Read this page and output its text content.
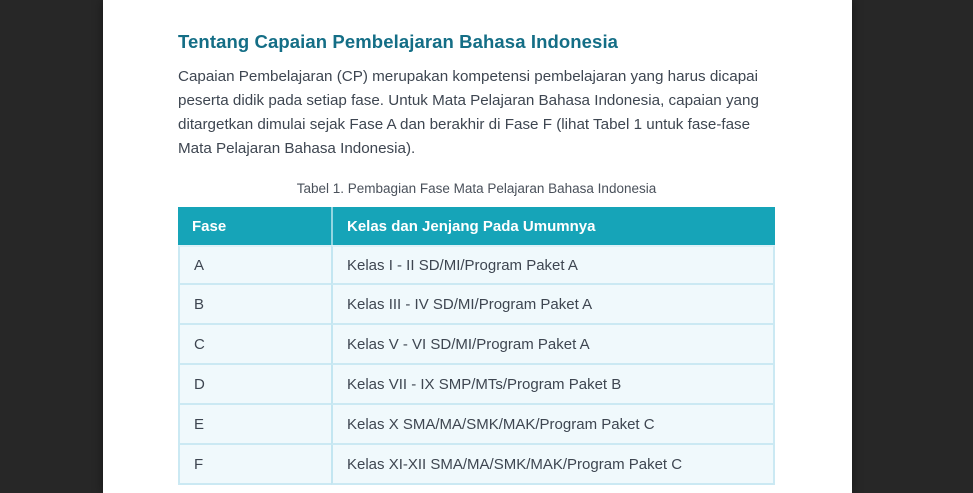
Tentang Capaian Pembelajaran Bahasa Indonesia

Capaian Pembelajaran (CP) merupakan kompetensi pembelajaran yang harus dicapai peserta didik pada setiap fase. Untuk Mata Pelajaran Bahasa Indonesia, capaian yang ditargetkan dimulai sejak Fase A dan berakhir di Fase F (lihat Tabel 1 untuk fase-fase Mata Pelajaran Bahasa Indonesia).

Tabel 1. Pembagian Fase Mata Pelajaran Bahasa Indonesia
Fase	Kelas dan Jenjang Pada Umumnya
A	Kelas I - II SD/MI/Program Paket A
B	Kelas III - IV SD/MI/Program Paket A
C	Kelas V - VI SD/MI/Program Paket A
D	Kelas VII - IX SMP/MTs/Program Paket B
E	Kelas X SMA/MA/SMK/MAK/Program Paket C
F	Kelas XI-XII SMA/MA/SMK/MAK/Program Paket C
